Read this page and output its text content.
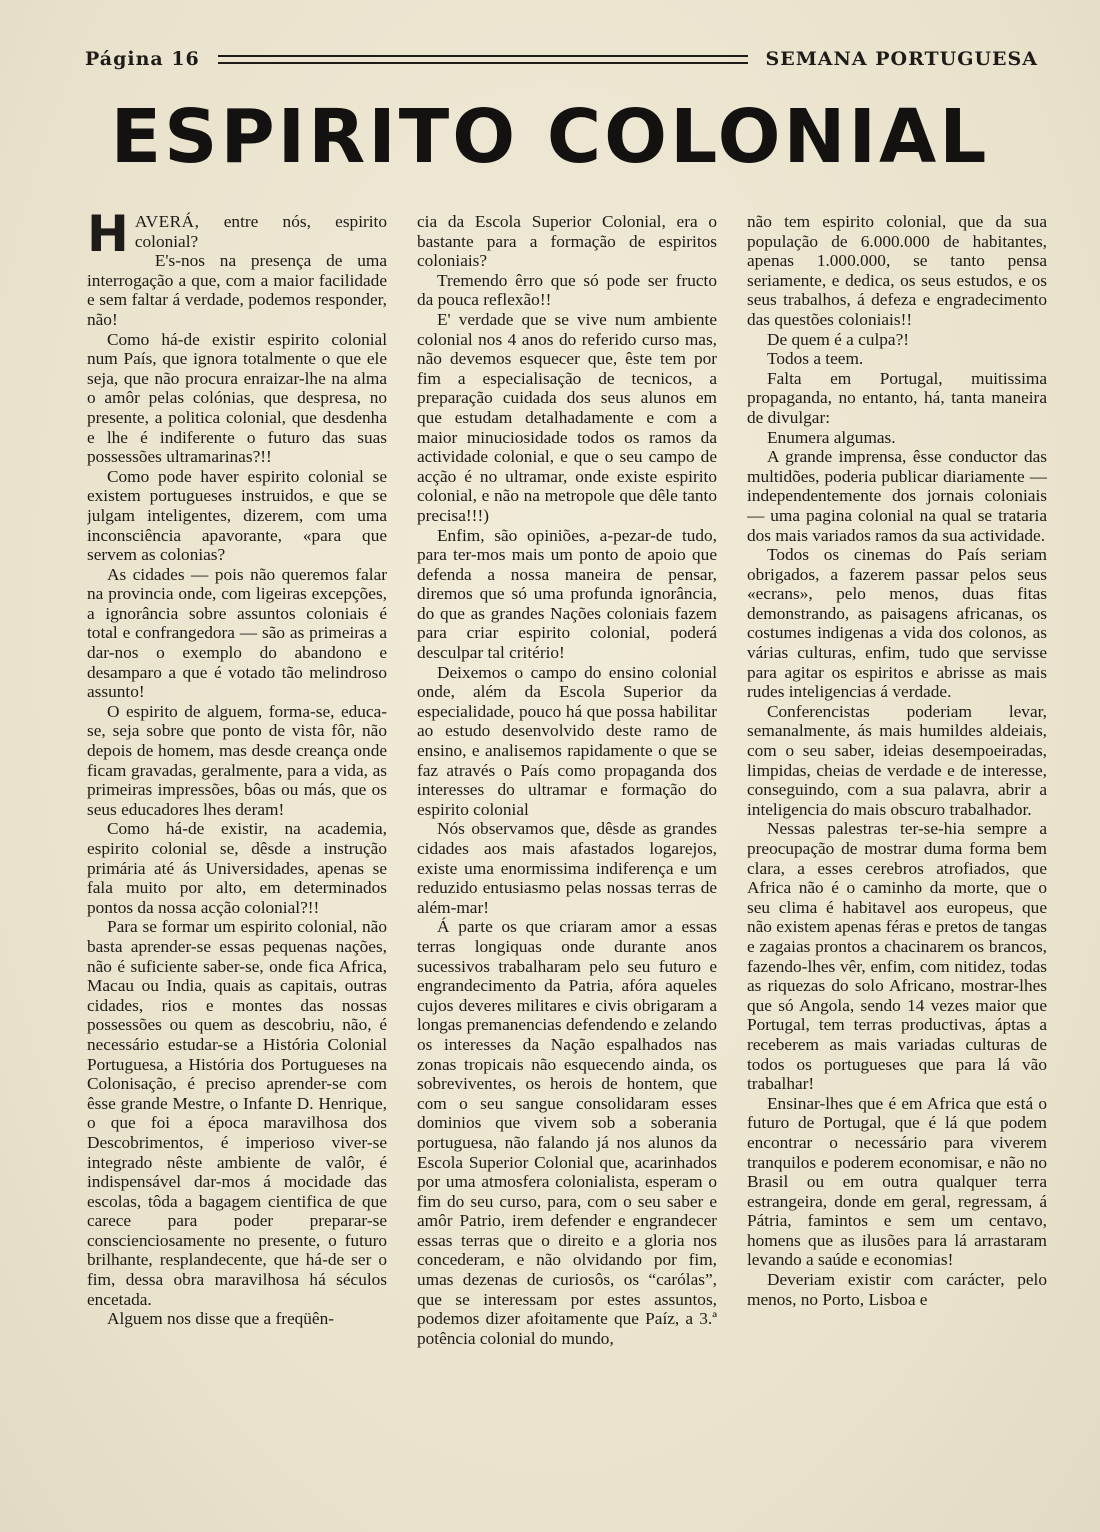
Página 16	SEMANA PORTUGUESA
ESPIRITO COLONIAL

HAVERÁ, entre nós, espirito colonial?

E's-nos na presença de uma interrogação a que, com a maior facilidade e sem faltar á verdade, podemos responder, não!

Como há-de existir espirito colonial num País, que ignora totalmente o que ele seja, que não procura enraizar-lhe na alma o amôr pelas colónias, que despresa, no presente, a politica colonial, que desdenha e lhe é indiferente o futuro das suas possessões ultramarinas?!!

Como pode haver espirito colonial se existem portugueses instruidos, e que se julgam inteligentes, dizerem, com uma inconsciência apavorante, «para que servem as colonias?

As cidades — pois não queremos falar na provincia onde, com ligeiras excepções, a ignorância sobre assuntos coloniais é total e confrangedora — são as primeiras a dar-nos o exemplo do abandono e desamparo a que é votado tão melindroso assunto!

O espirito de alguem, forma-se, educa-se, seja sobre que ponto de vista fôr, não depois de homem, mas desde creança onde ficam gravadas, geralmente, para a vida, as primeiras impressões, bôas ou más, que os seus educadores lhes deram!

Como há-de existir, na academia, espirito colonial se, dêsde a instrução primária até ás Universidades, apenas se fala muito por alto, em determinados pontos da nossa acção colonial?!!

Para se formar um espirito colonial, não basta aprender-se essas pequenas nações, não é suficiente saber-se, onde fica Africa, Macau ou India, quais as capitais, outras cidades, rios e montes das nossas possessões ou quem as descobriu, não, é necessário estudar-se a História Colonial Portuguesa, a História dos Portugueses na Colonisação, é preciso aprender-se com êsse grande Mestre, o Infante D. Henrique, o que foi a época maravilhosa dos Descobrimentos, é imperioso viver-se integrado nêste ambiente de valôr, é indispensável dar-mos á mocidade das escolas, tôda a bagagem cientifica de que carece para poder preparar-se conscienciosamente no presente, o futuro brilhante, resplandecente, que há-de ser o fim, dessa obra maravilhosa há séculos encetada.

Alguem nos disse que a freqüên-

cia da Escola Superior Colonial, era o bastante para a formação de espiritos coloniais?

Tremendo êrro que só pode ser fructo da pouca reflexão!!

E' verdade que se vive num ambiente colonial nos 4 anos do referido curso mas, não devemos esquecer que, êste tem por fim a especialisação de tecnicos, a preparação cuidada dos seus alunos em que estudam detalhadamente e com a maior minuciosidade todos os ramos da actividade colonial, e que o seu campo de acção é no ultramar, onde existe espirito colonial, e não na metropole que dêle tanto precisa!!!)

Enfim, são opiniões, a-pezar-de tudo, para ter-mos mais um ponto de apoio que defenda a nossa maneira de pensar, diremos que só uma profunda ignorância, do que as grandes Nações coloniais fazem para criar espirito colonial, poderá desculpar tal critério!

Deixemos o campo do ensino colonial onde, além da Escola Superior da especialidade, pouco há que possa habilitar ao estudo desenvolvido deste ramo de ensino, e analisemos rapidamente o que se faz através o País como propaganda dos interesses do ultramar e formação do espirito colonial

Nós observamos que, dêsde as grandes cidades aos mais afastados logarejos, existe uma enormissima indiferença e um reduzido entusiasmo pelas nossas terras de além-mar!

Á parte os que criaram amor a essas terras longiquas onde durante anos sucessivos trabalharam pelo seu futuro e engrandecimento da Patria, afóra aqueles cujos deveres militares e civis obrigaram a longas premanencias defendendo e zelando os interesses da Nação espalhados nas zonas tropicais não esquecendo ainda, os sobreviventes, os herois de hontem, que com o seu sangue consolidaram esses dominios que vivem sob a soberania portuguesa, não falando já nos alunos da Escola Superior Colonial que, acarinhados por uma atmosfera colonialista, esperam o fim do seu curso, para, com o seu saber e amôr Patrio, irem defender e engrandecer essas terras que o direito e a gloria nos concederam, e não olvidando por fim, umas dezenas de curiosôs, os “carólas”, que se interessam por estes assuntos, podemos dizer afoitamente que Paíz, a 3.ª potência colonial do mundo,

não tem espirito colonial, que da sua população de 6.000.000 de habitantes, apenas 1.000.000, se tanto pensa seriamente, e dedica, os seus estudos, e os seus trabalhos, á defeza e engradecimento das questões coloniais!!

De quem é a culpa?!

Todos a teem.

Falta em Portugal, muitissima propaganda, no entanto, há, tanta maneira de divulgar:

Enumera algumas.

A grande imprensa, êsse conductor das multidões, poderia publicar diariamente — independentemente dos jornais coloniais — uma pagina colonial na qual se trataria dos mais variados ramos da sua actividade.

Todos os cinemas do País seriam obrigados, a fazerem passar pelos seus «ecrans», pelo menos, duas fitas demonstrando, as paisagens africanas, os costumes indigenas a vida dos colonos, as várias culturas, enfim, tudo que servisse para agitar os espiritos e abrisse as mais rudes inteligencias á verdade.

Conferencistas poderiam levar, semanalmente, ás mais humildes aldeiais, com o seu saber, ideias desempoeiradas, limpidas, cheias de verdade e de interesse, conseguindo, com a sua palavra, abrir a inteligencia do mais obscuro trabalhador.

Nessas palestras ter-se-hia sempre a preocupação de mostrar duma forma bem clara, a esses cerebros atrofiados, que Africa não é o caminho da morte, que o seu clima é habitavel aos europeus, que não existem apenas féras e pretos de tangas e zagaias prontos a chacinarem os brancos, fazendo-lhes vêr, enfim, com nitidez, todas as riquezas do solo Africano, mostrar-lhes que só Angola, sendo 14 vezes maior que Portugal, tem terras productivas, áptas a receberem as mais variadas culturas de todos os portugueses que para lá vão trabalhar!

Ensinar-lhes que é em Africa que está o futuro de Portugal, que é lá que podem encontrar o necessário para viverem tranquilos e poderem economisar, e não no Brasil ou em outra qualquer terra estrangeira, donde em geral, regressam, á Pátria, famintos e sem um centavo, homens que as ilusões para lá arrastaram levando a saúde e economias!

Deveriam existir com carácter, pelo menos, no Porto, Lisboa e
